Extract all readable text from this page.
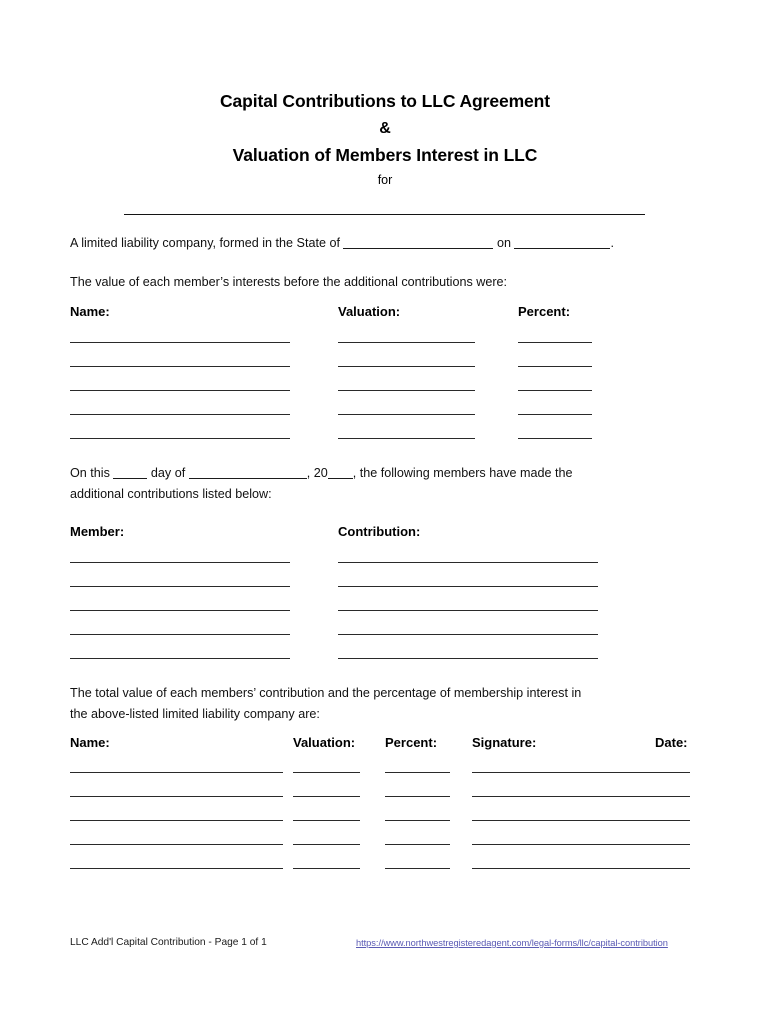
Capital Contributions to LLC Agreement
&
Valuation of Members Interest in LLC
for
A limited liability company, formed in the State of	on	.
The value of each member’s interests before the additional contributions were:
Name:	Valuation:	Percent:
On this	day of	, 20 , the following members have made the
additional contributions listed below:
Member:	Contribution:
The total value of each members’ contribution and the percentage of membership interest in
the above-listed limited liability company are:
Name:	Valuation: Percent:	Signature:	Date:
LLC Add'l Capital Contribution - Page 1 of 1	https://www.northwestregisteredagent.com/legal-forms/llc/capital-contribution
